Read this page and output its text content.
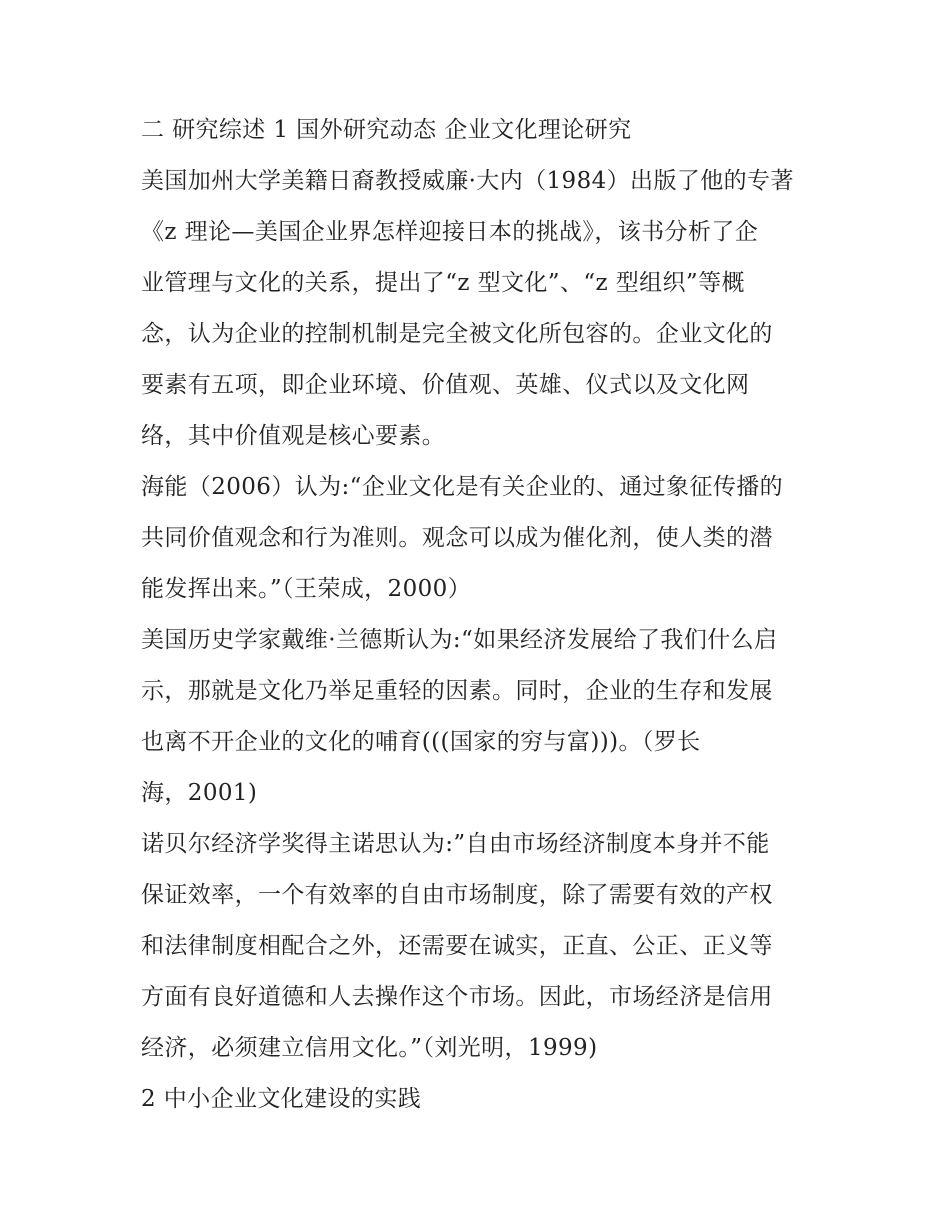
二 研究综述 1 国外研究动态 企业文化理论研究
美国加州大学美籍日裔教授威廉·大内（1984）出版了他的专著
《z 理论—美国企业界怎样迎接日本的挑战》，该书分析了企
业管理与文化的关系，提出了“z 型文化”、“z 型组织”等概
念，认为企业的控制机制是完全被文化所包容的。企业文化的
要素有五项，即企业环境、价值观、英雄、仪式以及文化网
络，其中价值观是核心要素。
海能（2006）认为:“企业文化是有关企业的、通过象征传播的
共同价值观念和行为准则。观念可以成为催化剂，使人类的潜
能发挥出来。”（王荣成，2000）
美国历史学家戴维·兰德斯认为:“如果经济发展给了我们什么启
示，那就是文化乃举足重轻的因素。同时，企业的生存和发展
也离不开企业的文化的哺育(((国家的穷与富)))。（罗长
海，2001)
诺贝尔经济学奖得主诺思认为:”自由市场经济制度本身并不能
保证效率，一个有效率的自由市场制度，除了需要有效的产权
和法律制度相配合之外，还需要在诚实，正直、公正、正义等
方面有良好道德和人去操作这个市场。因此，市场经济是信用
经济，必须建立信用文化。”（刘光明，1999)
2 中小企业文化建设的实践
